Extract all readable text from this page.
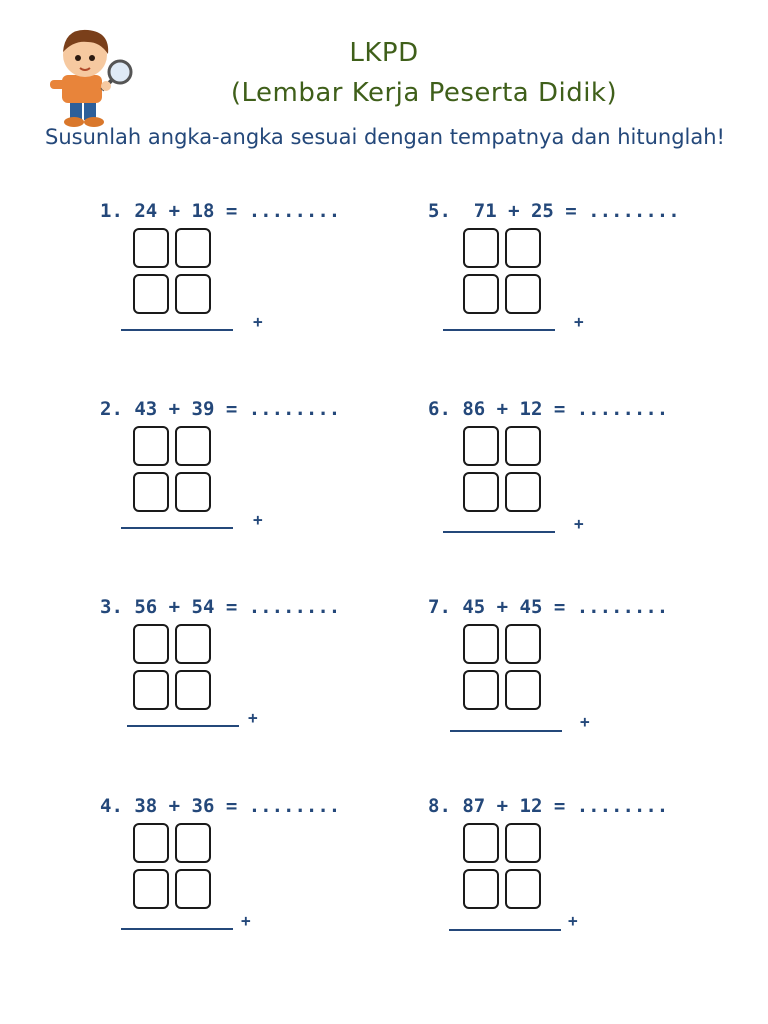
LKPD
(Lembar Kerja Peserta Didik)
Susunlah angka-angka sesuai dengan tempatnya dan hitunglah!
1. 24 + 18 = ........
+
2. 43 + 39 = ........
+
3. 56 + 54 = ........
+
4. 38 + 36 = ........
+
5.  71 + 25 = ........
+
6. 86 + 12 = ........
+
7. 45 + 45 = ........
+
8. 87 + 12 = ........
+
